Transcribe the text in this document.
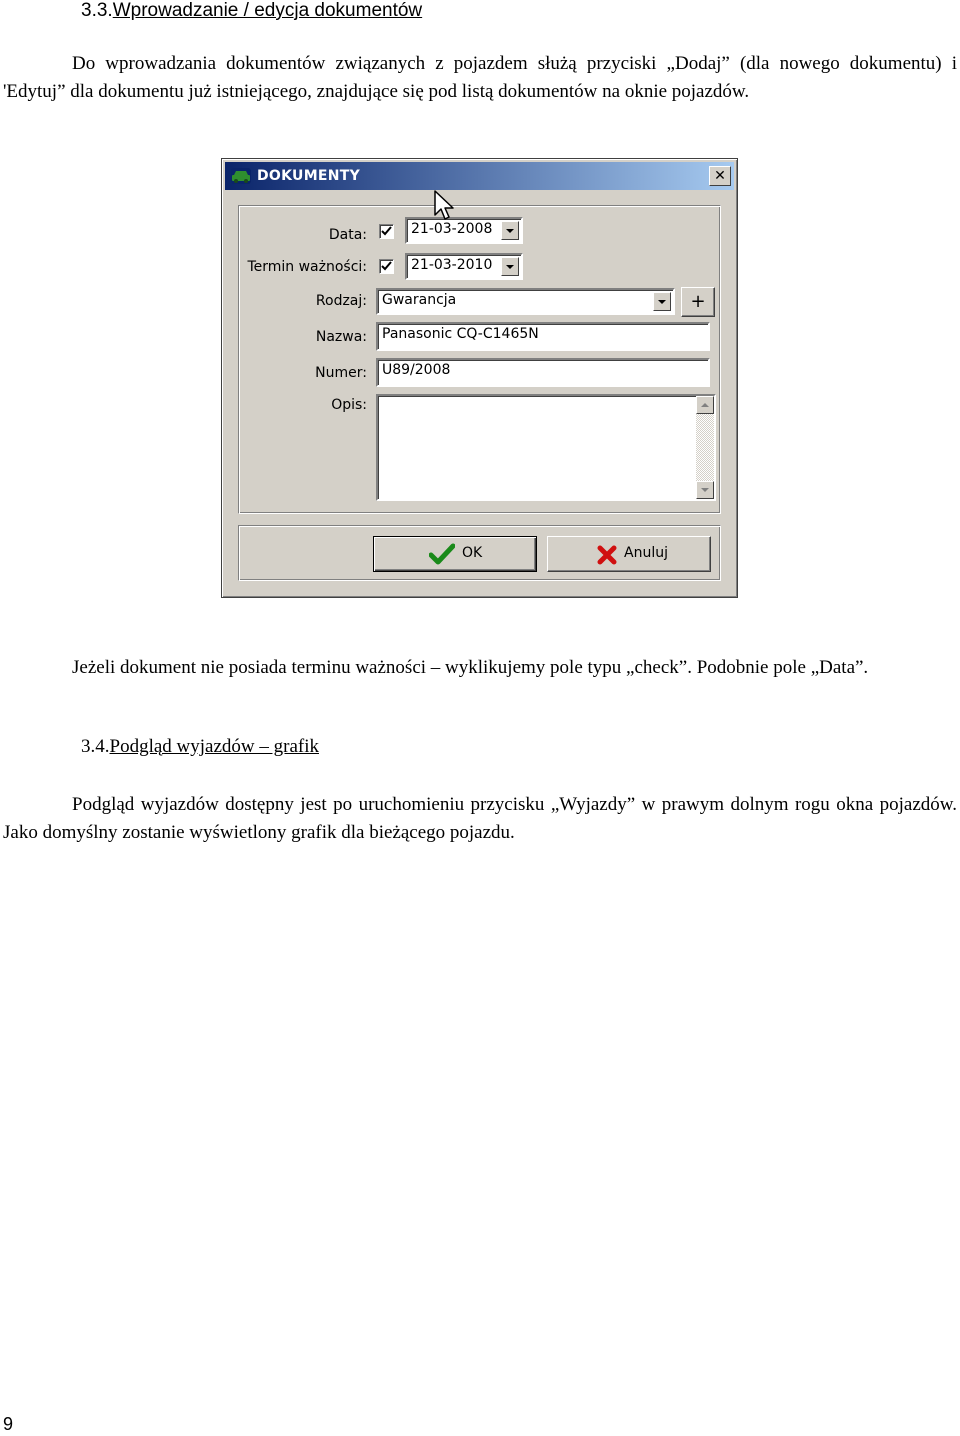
3.3.Wprowadzanie / edycja dokumentów
Do wprowadzania dokumentów związanych z pojazdem służą przyciski „Dodaj” (dla nowego dokumentu) i 'Edytuj” dla dokumentu już istniejącego, znajdujące się pod listą dokumentów na oknie pojazdów.
DOKUMENTY	✕
Data:	21-03-2008
Termin ważności:	21-03-2010
Rodzaj:	Gwarancja	+
Nazwa:	Panasonic CQ-C1465N
Numer:	U89/2008
Opis:
OK	Anuluj
Jeżeli dokument nie posiada terminu ważności – wyklikujemy pole typu „check”. Podobnie pole „Data”.
3.4.Podgląd wyjazdów – grafik
Podgląd wyjazdów dostępny jest po uruchomieniu przycisku „Wyjazdy” w prawym dolnym rogu okna pojazdów. Jako domyślny zostanie wyświetlony grafik dla bieżącego pojazdu.
9
